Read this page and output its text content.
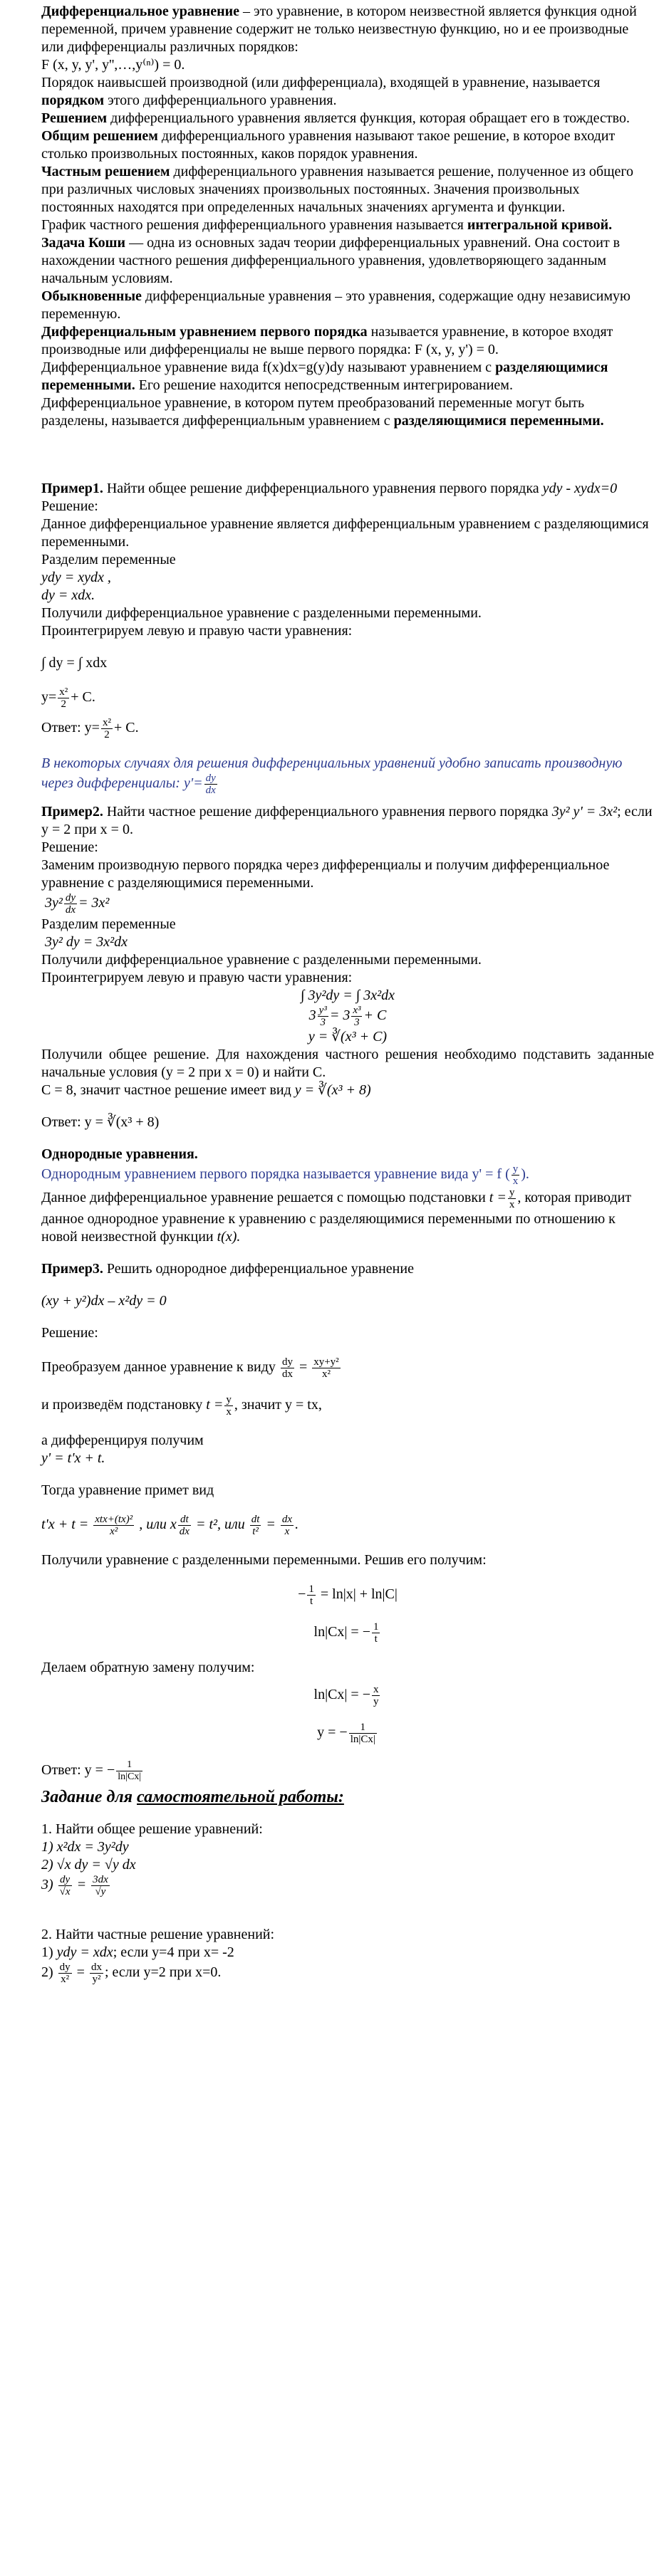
Дифференциальное уравнение – это уравнение, в котором неизвестной является функция одной переменной, причем уравнение содержит не только неизвестную функцию, но и ее производные или дифференциалы различных порядков:

F (x, y, y', y'',…,y⁽ⁿ⁾) = 0.

Порядок наивысшей производной (или дифференциала), входящей в уравнение, называется порядком этого дифференциального уравнения.

Решением дифференциального уравнения является функция, которая обращает его в тождество.

Общим решением дифференциального уравнения называют такое решение, в которое входит столько произвольных постоянных, каков порядок уравнения.

Частным решением дифференциального уравнения называется решение, полученное из общего при различных числовых значениях произвольных постоянных. Значения произвольных постоянных находятся при определенных начальных значениях аргумента и функции.

График частного решения дифференциального уравнения называется интегральной кривой.

Задача Коши — одна из основных задач теории дифференциальных уравнений. Она состоит в нахождении частного решения дифференциального уравнения, удовлетворяющего заданным начальным условиям.

Обыкновенные дифференциальные уравнения – это уравнения, содержащие одну независимую переменную.

Дифференциальным уравнением первого порядка называется уравнение, в которое входят производные или дифференциалы не выше первого порядка: F (x, y, y') = 0.

Дифференциальное уравнение вида f(x)dx=g(y)dy называют уравнением с разделяющимися переменными. Его решение находится непосредственным интегрированием.

Дифференциальное уравнение, в котором путем преобразований переменные могут быть разделены, называется дифференциальным уравнением с разделяющимися переменными.

Пример1. Найти общее решение дифференциального уравнения первого порядка ydy - xydx=0

Решение:

Данное дифференциальное уравнение является дифференциальным уравнением с разделяющимися переменными.

Разделим переменные

ydy = xydx ,

dy = xdx.

Получили дифференциальное уравнение с разделенными переменными.

Проинтегрируем левую и правую части уравнения:

∫ dy = ∫ xdx

$y= \frac{\text{x²}}{2} + C$.

Ответ: $y= \frac{\text{x²}}{2} + C$.

В некоторых случаях для решения дифференциальных уравнений удобно записать производную через дифференциалы: $y'= \frac{dy}{dx}$

Пример2. Найти частное решение дифференциального уравнения первого порядка 3y² y' = 3x²; если y = 2 при x = 0.

Решение:

Заменим производную первого порядка через дифференциалы и получим дифференциальное уравнение с разделяющимися переменными.

$3y^2 \frac{dy}{dx} = 3x^2$

Разделим переменные

3y² dy = 3x²dx

Получили дифференциальное уравнение с разделенными переменными.

Проинтегрируем левую и правую части уравнения:

∫ 3y²dy = ∫ 3x²dx

$3 \frac{\text{y³}}{3} = 3 \frac{\text{x³}}{3} + C$

y = ∛(x³ + C)

Получили общее решение. Для нахождения частного решения необходимо подставить заданные начальные условия (y = 2 при x = 0) и найти C.

C = 8, значит частное решение имеет вид y = ∛(x³ + 8)

Ответ: y = ∛(x³ + 8)

Однородные уравнения.

Однородным уравнением первого порядка называется уравнение вида y' = f ( $\frac{y}{x}$ ).

Данное дифференциальное уравнение решается с помощью подстановки $t = \frac{y}{x}$ , которая приводит данное однородное уравнение к уравнению с разделяющимися переменными по отношению к новой неизвестной функции t(x).

Пример3. Решить однородное дифференциальное уравнение

(xy + y²)dx – x²dy = 0

Решение:

Преобразуем данное уравнение к виду $\frac{dy}{dx} = \frac{\text{xy+y²}}{\text{x²}}$

и произведём подстановку $t = \frac{y}{x}$ , значит y = tx,

а дифференцируя получим

y' = t'x + t.

Тогда уравнение примет вид

$t'x + t = \frac{\text{xtx+(tx)²}}{\text{x²}}$ , или x $\frac{dt}{dx} = t^2$, или $\frac{dt}{\text{t²}} = \frac{dx}{x}$ .

Получили уравнение с разделенными переменными. Решив его получим:

− $\frac{1}{t} = \ln|x| + \ln|C|$

ln|Cx| = − $\frac{1}{t}$

Делаем обратную замену получим:

ln|Cx| = − $\frac{x}{y}$

y = − $\frac{1}{\ln|Cx|}$

Ответ: y = − $\frac{1}{\ln|Cx|}$

Задание для самостоятельной работы:

1. Найти общее решение уравнений:

1) x²dx = 3y²dy

2) √x dy = √y dx

$3) \frac{dy}{√x} = \frac{3dx}{√y}$

2. Найти частные решение уравнений:

1) ydy = xdx; если y=4 при x= -2

$2) \frac{dy}{\text{x²}} = \frac{dx}{\text{y²}}$ ; если y=2 при x=0.
